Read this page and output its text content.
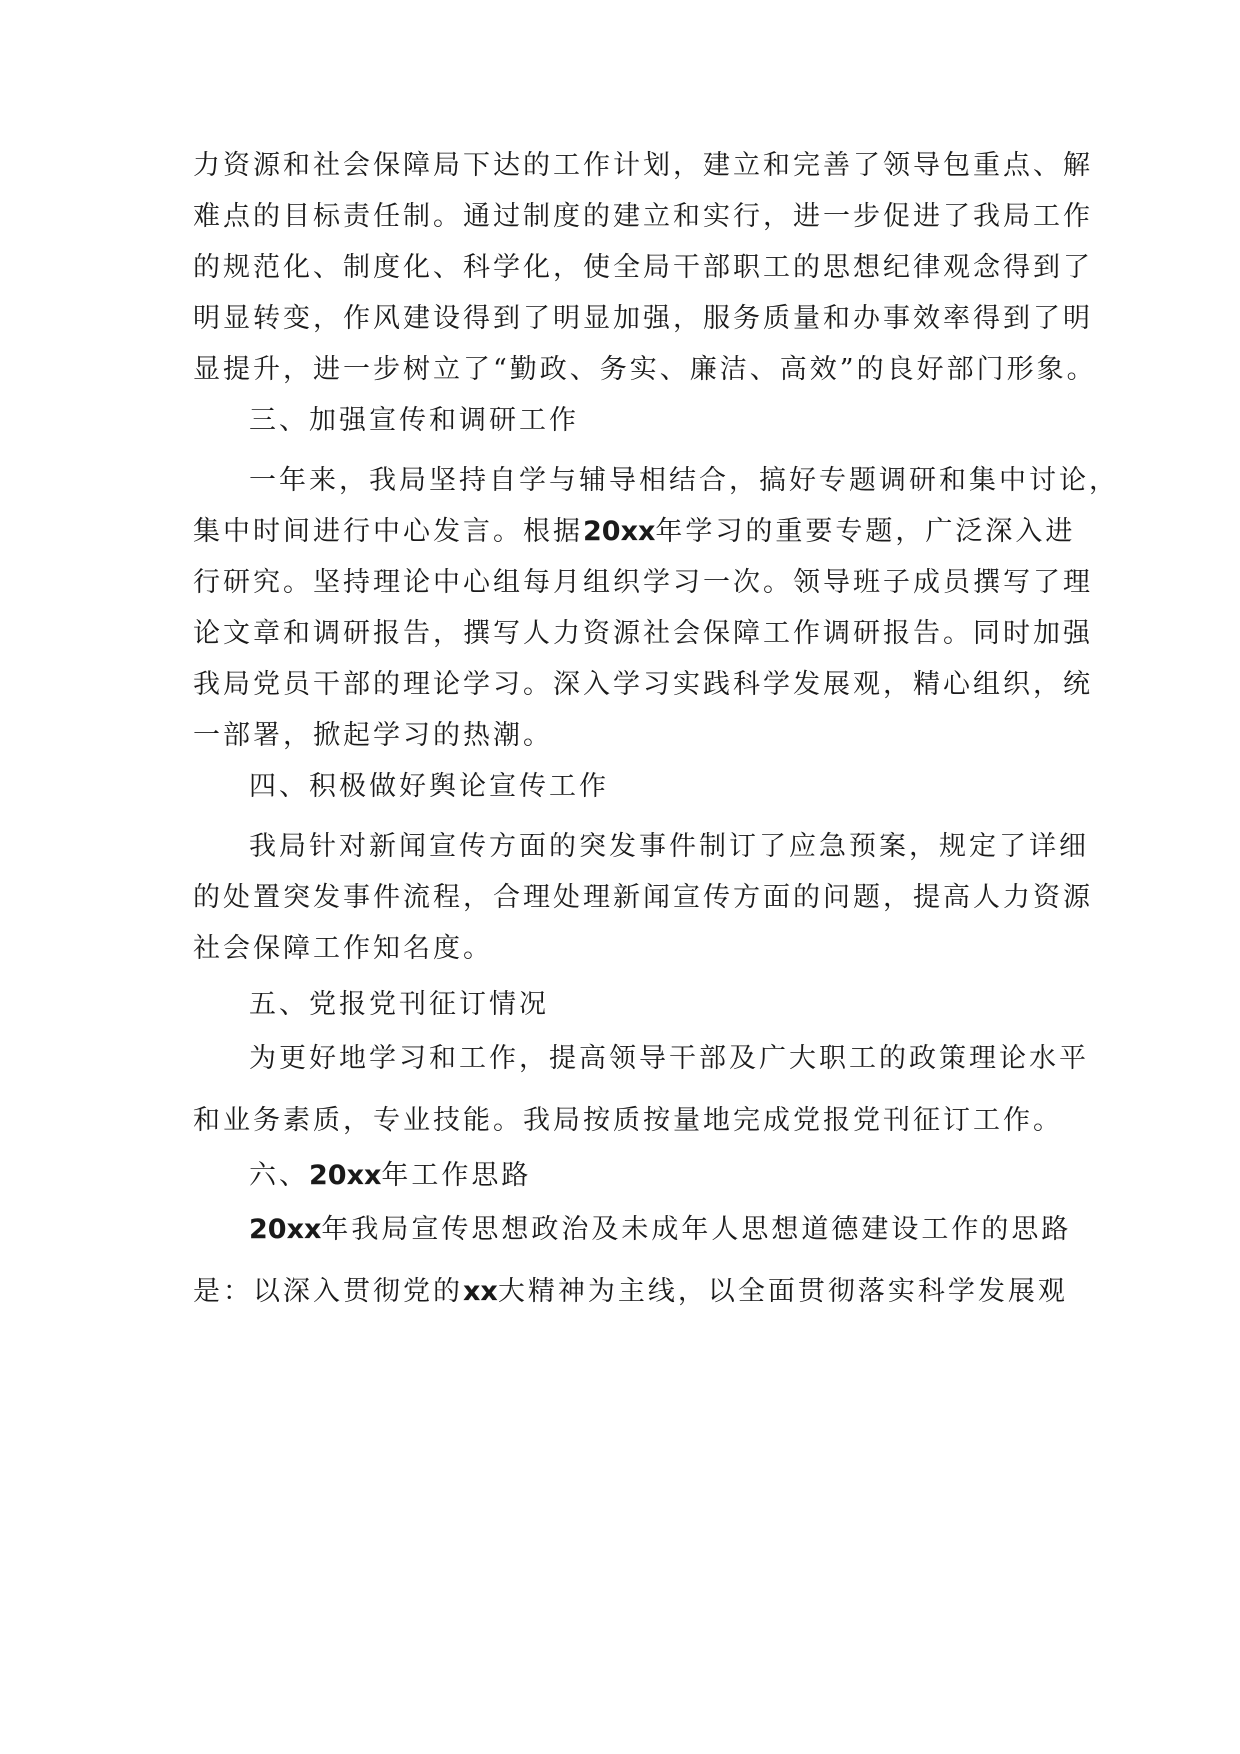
力资源和社会保障局下达的工作计划，建立和完善了领导包重点、解
难点的目标责任制。通过制度的建立和实行，进一步促进了我局工作
的规范化、制度化、科学化，使全局干部职工的思想纪律观念得到了
明显转变，作风建设得到了明显加强，服务质量和办事效率得到了明
显提升，进一步树立了“勤政、务实、廉洁、高效”的良好部门形象。
三、加强宣传和调研工作
一年来，我局坚持自学与辅导相结合，搞好专题调研和集中讨论，
集中时间进行中心发言。根据20xx年学习的重要专题，广泛深入进
行研究。坚持理论中心组每月组织学习一次。领导班子成员撰写了理
论文章和调研报告，撰写人力资源社会保障工作调研报告。同时加强
我局党员干部的理论学习。深入学习实践科学发展观，精心组织，统
一部署，掀起学习的热潮。
四、积极做好舆论宣传工作
我局针对新闻宣传方面的突发事件制订了应急预案，规定了详细
的处置突发事件流程，合理处理新闻宣传方面的问题，提高人力资源
社会保障工作知名度。
五、党报党刊征订情况
为更好地学习和工作，提高领导干部及广大职工的政策理论水平
和业务素质，专业技能。我局按质按量地完成党报党刊征订工作。
六、20xx年工作思路
20xx年我局宣传思想政治及未成年人思想道德建设工作的思路
是：以深入贯彻党的xx大精神为主线，以全面贯彻落实科学发展观
